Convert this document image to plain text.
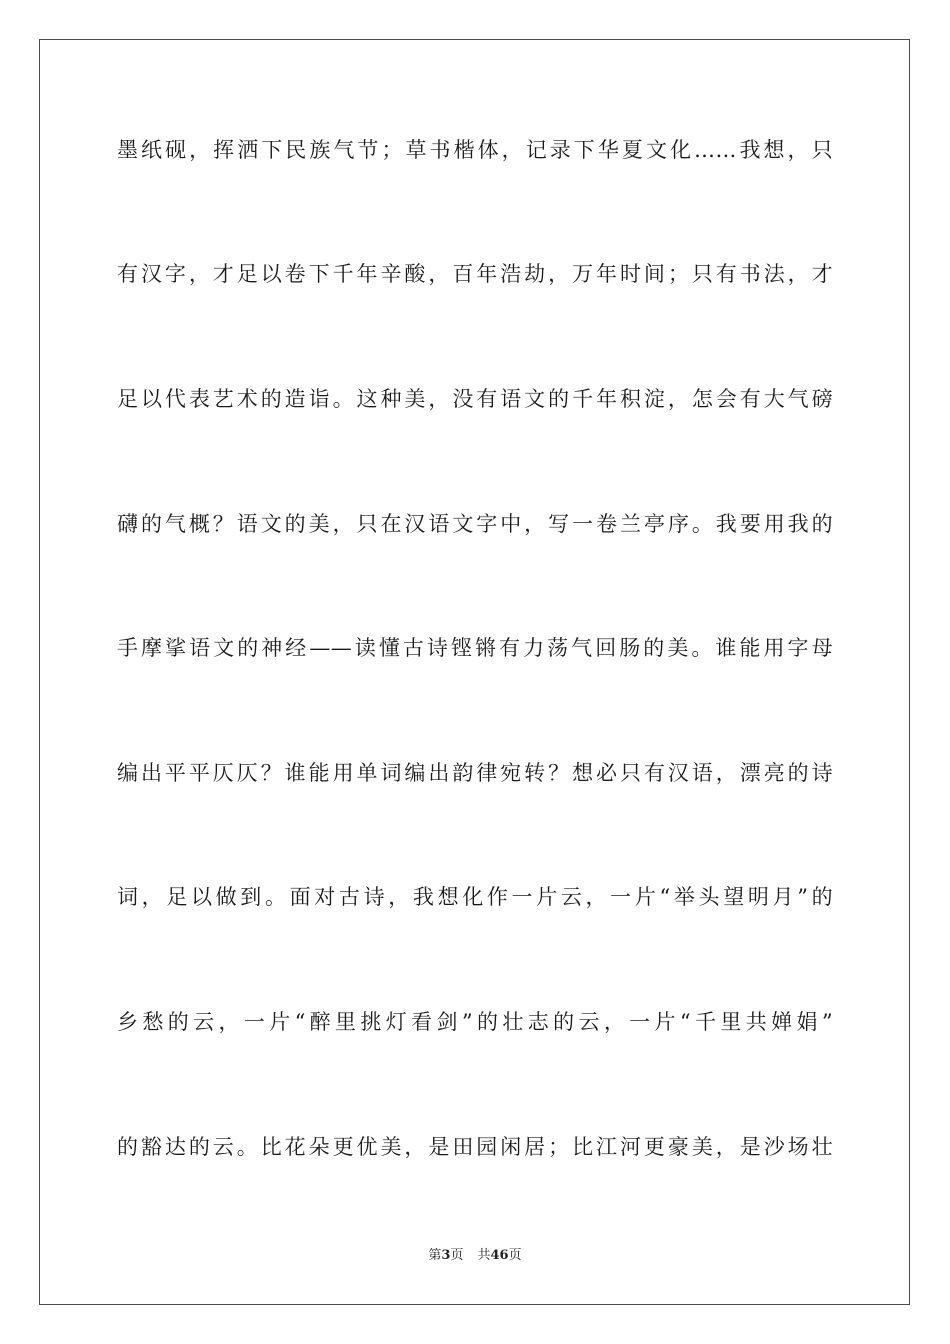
墨纸砚，挥洒下民族气节；草书楷体，记录下华夏文化……我想，只
有汉字，才足以卷下千年辛酸，百年浩劫，万年时间；只有书法，才
足以代表艺术的造诣。这种美，没有语文的千年积淀，怎会有大气磅
礴的气概？语文的美，只在汉语文字中，写一卷兰亭序。我要用我的
手摩挲语文的神经——读懂古诗铿锵有力荡气回肠的美。谁能用字母
编出平平仄仄？谁能用单词编出韵律宛转？想必只有汉语，漂亮的诗
词，足以做到。面对古诗，我想化作一片云，一片“举头望明月”的
乡愁的云，一片“醉里挑灯看剑”的壮志的云，一片“千里共婵娟”
的豁达的云。比花朵更优美，是田园闲居；比江河更豪美，是沙场壮
第3页 共46页
